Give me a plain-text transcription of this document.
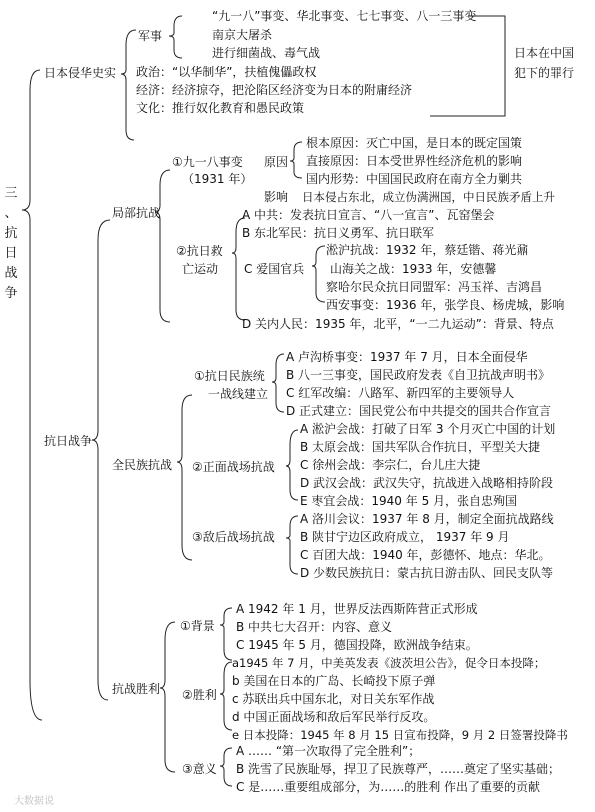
三
、
抗
日
战
争
日本侵华史实
军事
“九一八”事变、华北事变、七七事变、八一三事变
南京大屠杀
进行细菌战、毒气战
政治：“以华制华”，扶植傀儡政权
经济：经济掠夺，把沦陷区经济变为日本的附庸经济
文化：推行奴化教育和愚民政策
日本在中国
犯下的罪行
抗日战争
局部抗战
①九一八事变
（1931 年）
原因
根本原因：灭亡中国，是日本的既定国策
直接原因：日本受世界性经济危机的影响
国内形势：中国国民政府在南方全力剿共
影响 日本侵占东北，成立伪满洲国，中日民族矛盾上升
②抗日救
亡运动
A 中共：发表抗日宣言、“八一宣言”、瓦窑堡会
B 东北军民：抗日义勇军、抗日联军
C 爱国官兵
淞沪抗战：1932 年，蔡廷锴、蒋光鼐
山海关之战：1933 年，安德馨
察哈尔民众抗日同盟军：冯玉祥、吉鸿昌
西安事变：1936 年，张学良、杨虎城，影响
D 关内人民：1935 年，北平，“一二九运动”：背景、特点
全民族抗战
①抗日民族统
一战线建立
A 卢沟桥事变：1937 年 7 月，日本全面侵华
B 八一三事变，国民政府发表《自卫抗战声明书》
C 红军改编：八路军、新四军的主要领导人
D 正式建立：国民党公布中共提交的国共合作宣言
②正面战场抗战
A 淞沪会战：打破了日军 3 个月灭亡中国的计划
B 太原会战：国共军队合作抗日，平型关大捷
C 徐州会战：李宗仁，台儿庄大捷
D 武汉会战：武汉失守，抗战进入战略相持阶段
E 枣宜会战：1940 年 5 月，张自忠殉国
③敌后战场抗战
A 洛川会议：1937 年 8 月，制定全面抗战路线
B 陕甘宁边区政府成立， 1937 年 9 月
C 百团大战：1940 年，彭德怀、地点：华北。
D 少数民族抗日：蒙古抗日游击队、回民支队等
抗战胜利
①背景
A 1942 年 1 月，世界反法西斯阵营正式形成
B 中共七大召开：内容、意义
C 1945 年 5 月，德国投降，欧洲战争结束。
a1945 年 7 月，中美英发表《波茨坦公告》，促令日本投降；
②胜利
b 美国在日本的广岛、长崎投下原子弹
c 苏联出兵中国东北，对日关东军作战
d 中国正面战场和敌后军民举行反攻。
e 日本投降：1945 年 8 月 15 日宣布投降，9 月 2 日签署投降书
③意义
A …… “第一次取得了完全胜利”；
B 洗雪了民族耻辱，捍卫了民族尊严，……奠定了坚实基础；
C 是……重要组成部分，为……的胜利 作出了重要的贡献
大数据说
